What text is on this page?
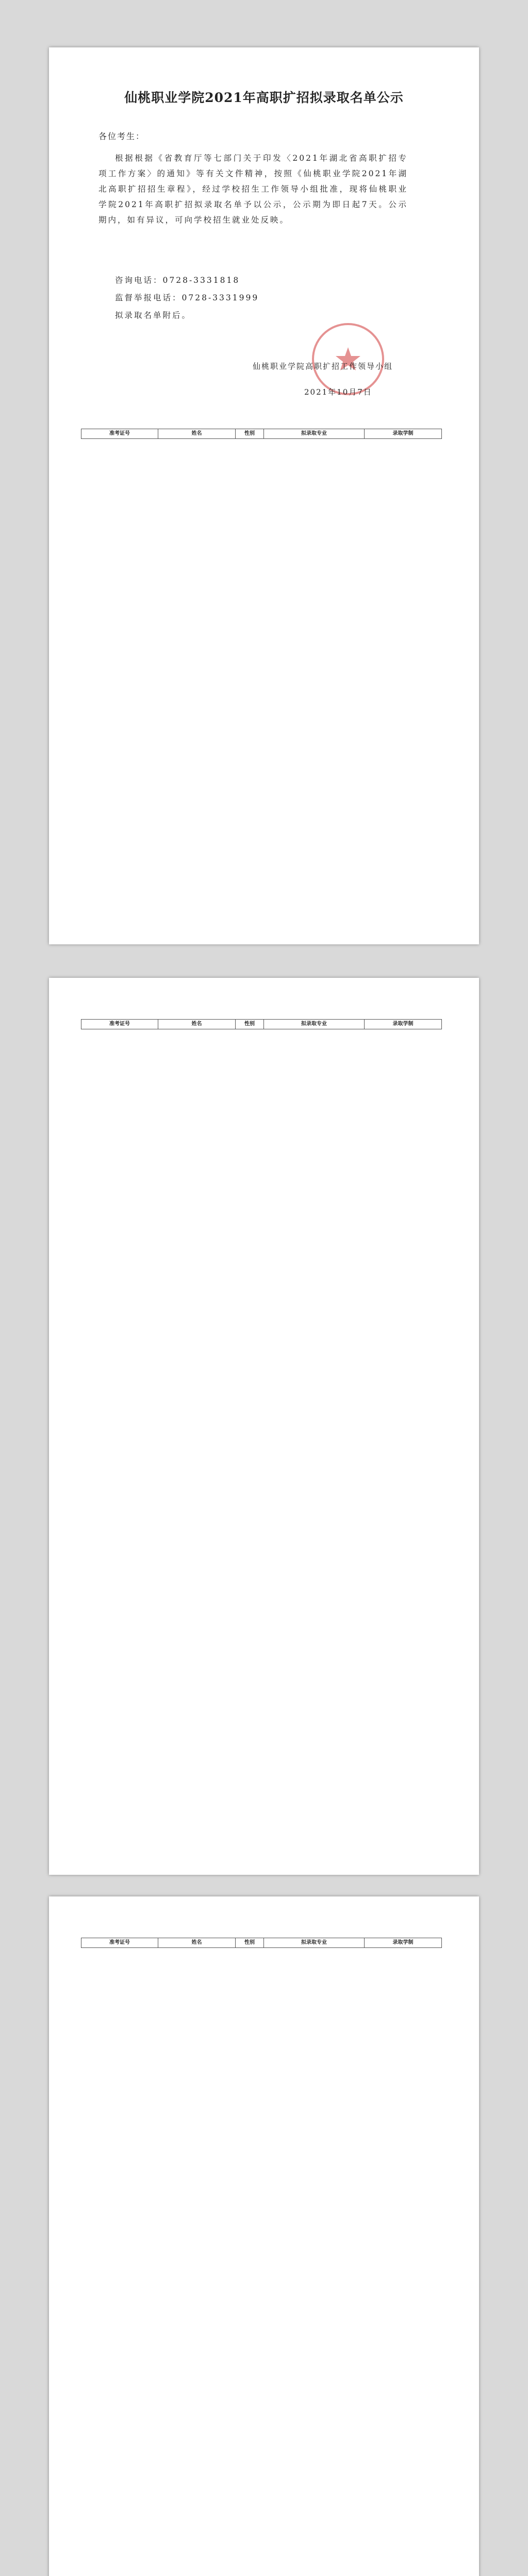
仙桃职业学院2021年高职扩招拟录取名单公示
各位考生：
根据根据《省教育厅等七部门关于印发〈2021年湖北省高职扩招专项工作方案〉的通知》等有关文件精神，按照《仙桃职业学院2021年湖北高职扩招招生章程》，经过学校招生工作领导小组批准，现将仙桃职业学院2021年高职扩招拟录取名单予以公示，公示期为即日起7天。公示期内，如有异议，可向学校招生就业处反映。
咨询电话：0728-3331818
监督举报电话：0728-3331999
拟录取名单附后。
仙桃职业学院高职扩招工作领导小组
2021年10月7日
准考证号	姓名	性别	拟录取专业	录取学制
准考证号	姓名	性别	拟录取专业	录取学制
准考证号	姓名	性别	拟录取专业	录取学制
